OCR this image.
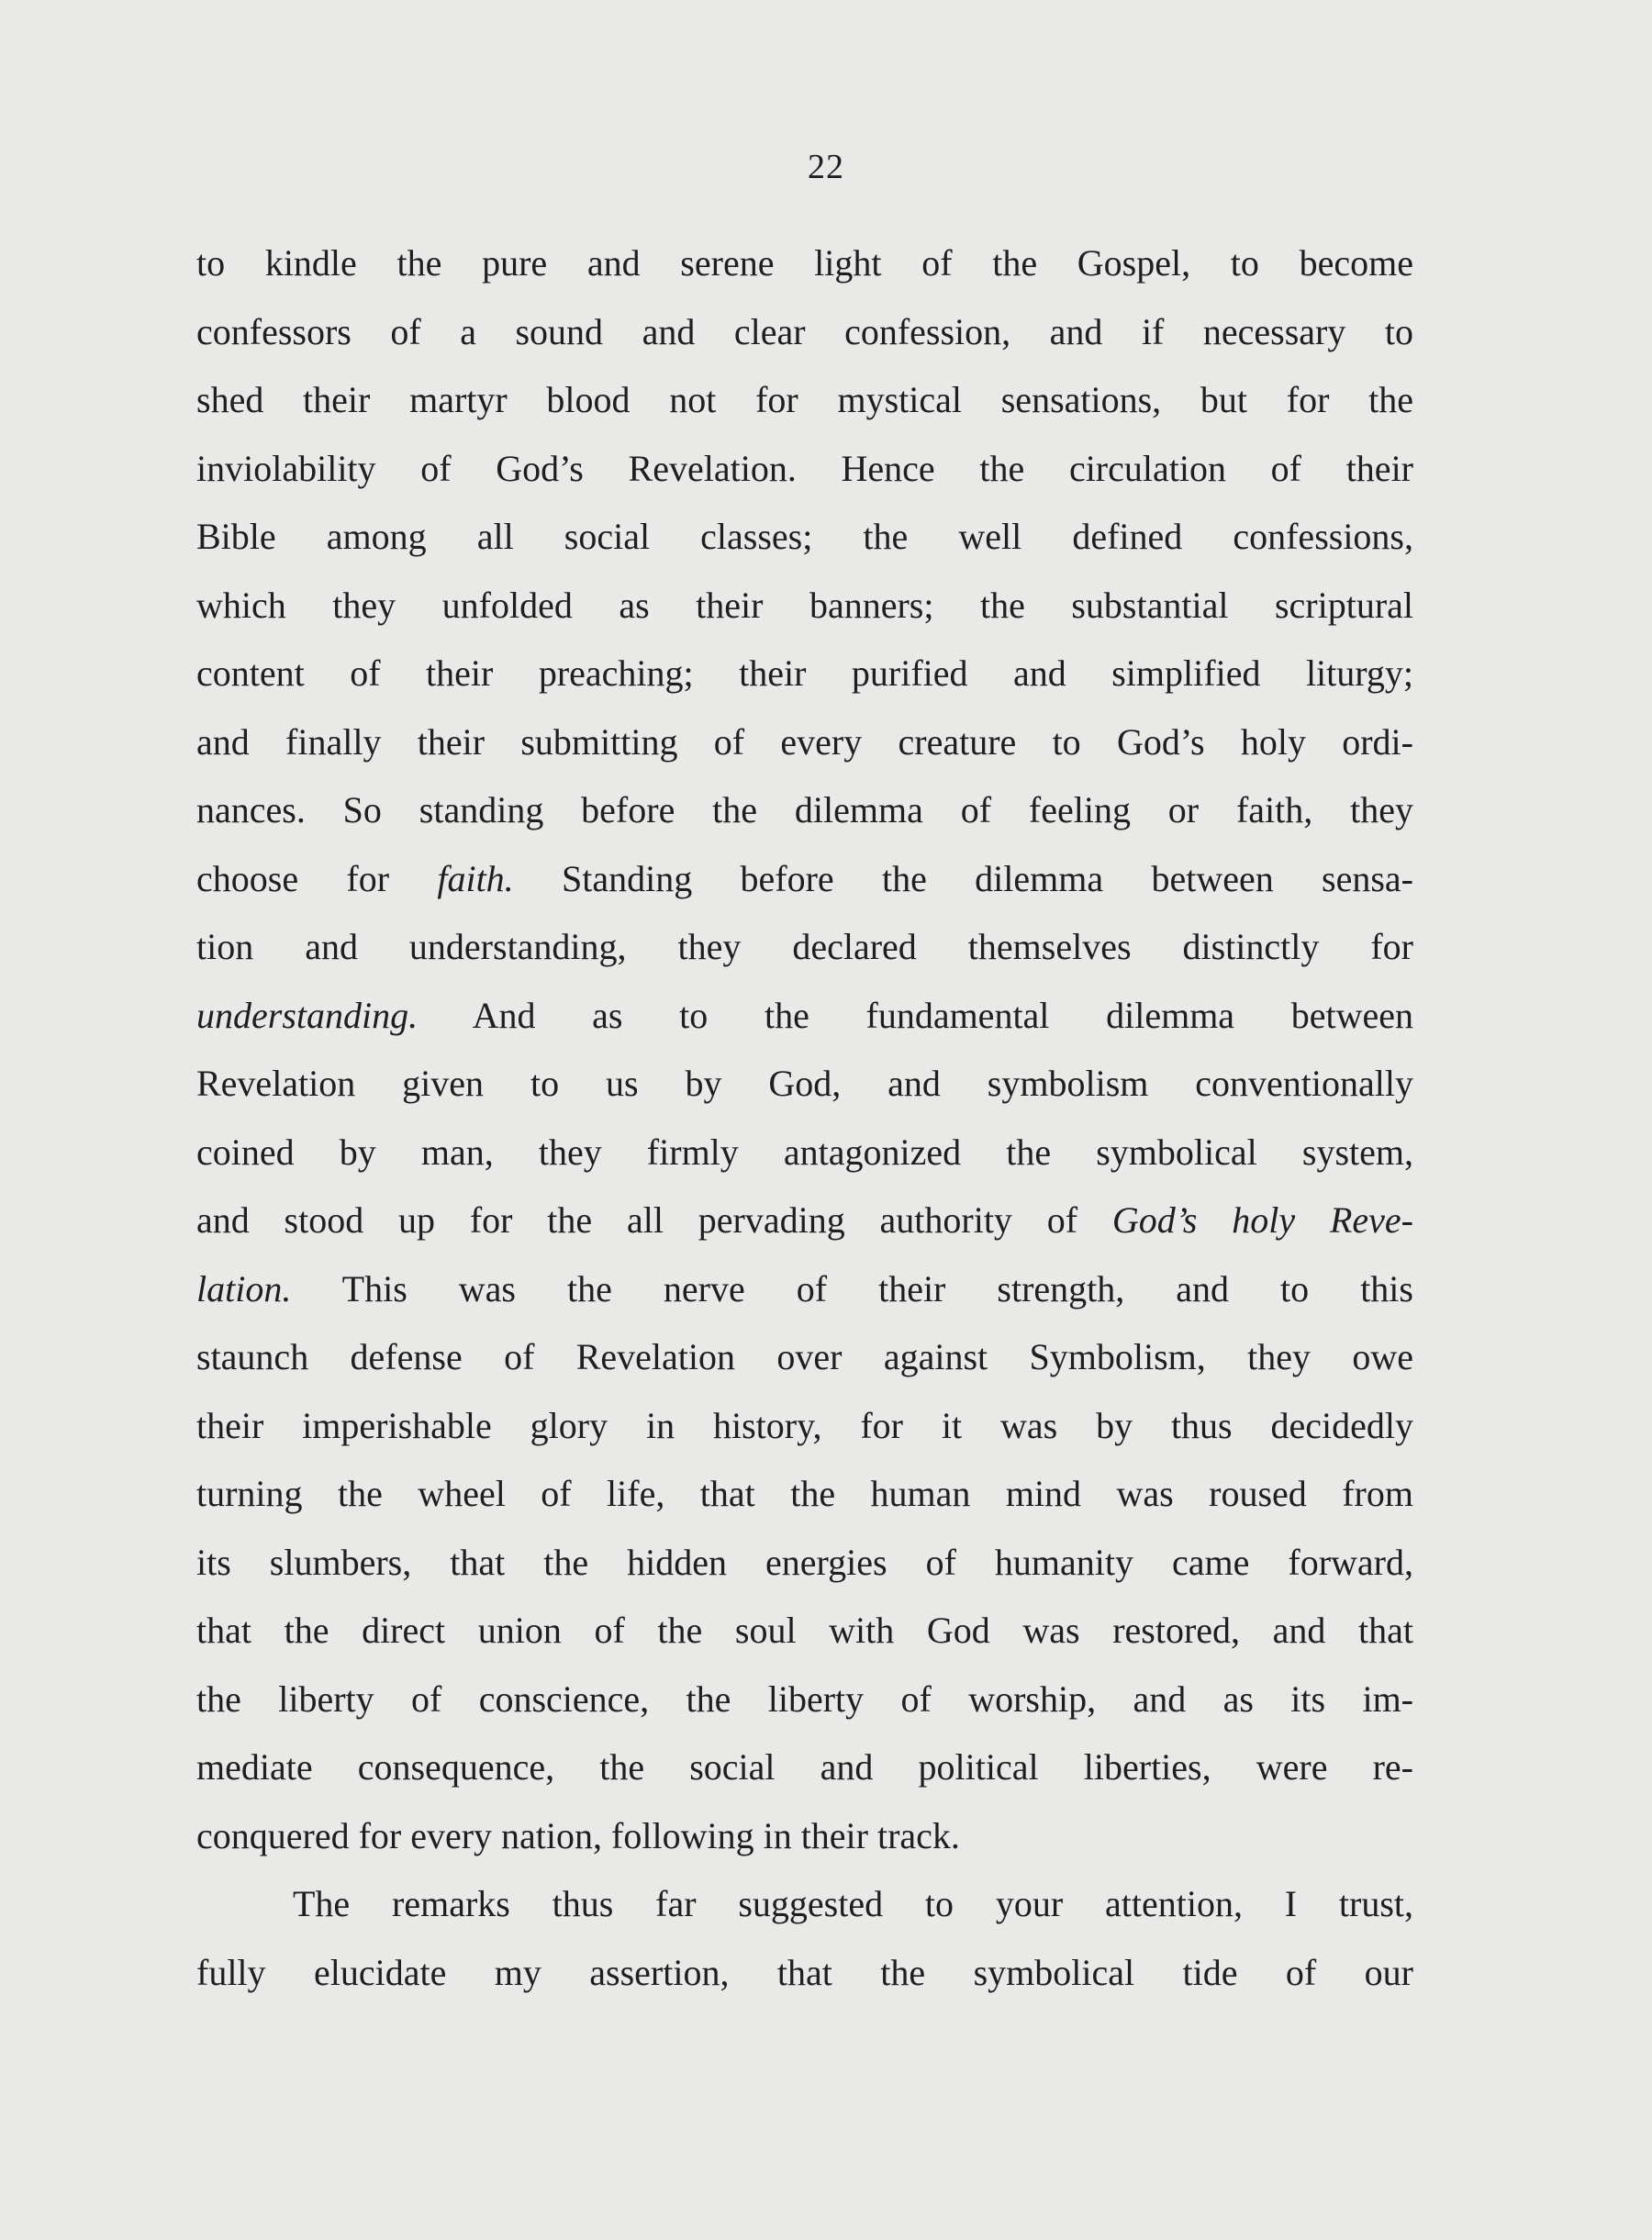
22
to kindle the pure and serene light of the Gospel, to become
confessors of a sound and clear confession, and if necessary to
shed their martyr blood not for mystical sensations, but for the
inviolability of God’s Revelation. Hence the circulation of their
Bible among all social classes; the well defined confessions,
which they unfolded as their banners; the substantial scriptural
content of their preaching; their purified and simplified liturgy;
and finally their submitting of every creature to God’s holy ordi-
nances. So standing before the dilemma of feeling or faith, they
choose for faith. Standing before the dilemma between sensa-
tion and understanding, they declared themselves distinctly for
understanding. And as to the fundamental dilemma between
Revelation given to us by God, and symbolism conventionally
coined by man, they firmly antagonized the symbolical system,
and stood up for the all pervading authority of God’s holy Reve-
lation. This was the nerve of their strength, and to this
staunch defense of Revelation over against Symbolism, they owe
their imperishable glory in history, for it was by thus decidedly
turning the wheel of life, that the human mind was roused from
its slumbers, that the hidden energies of humanity came forward,
that the direct union of the soul with God was restored, and that
the liberty of conscience, the liberty of worship, and as its im-
mediate consequence, the social and political liberties, were re-
conquered for every nation, following in their track.
The remarks thus far suggested to your attention, I trust,
fully elucidate my assertion, that the symbolical tide of our
